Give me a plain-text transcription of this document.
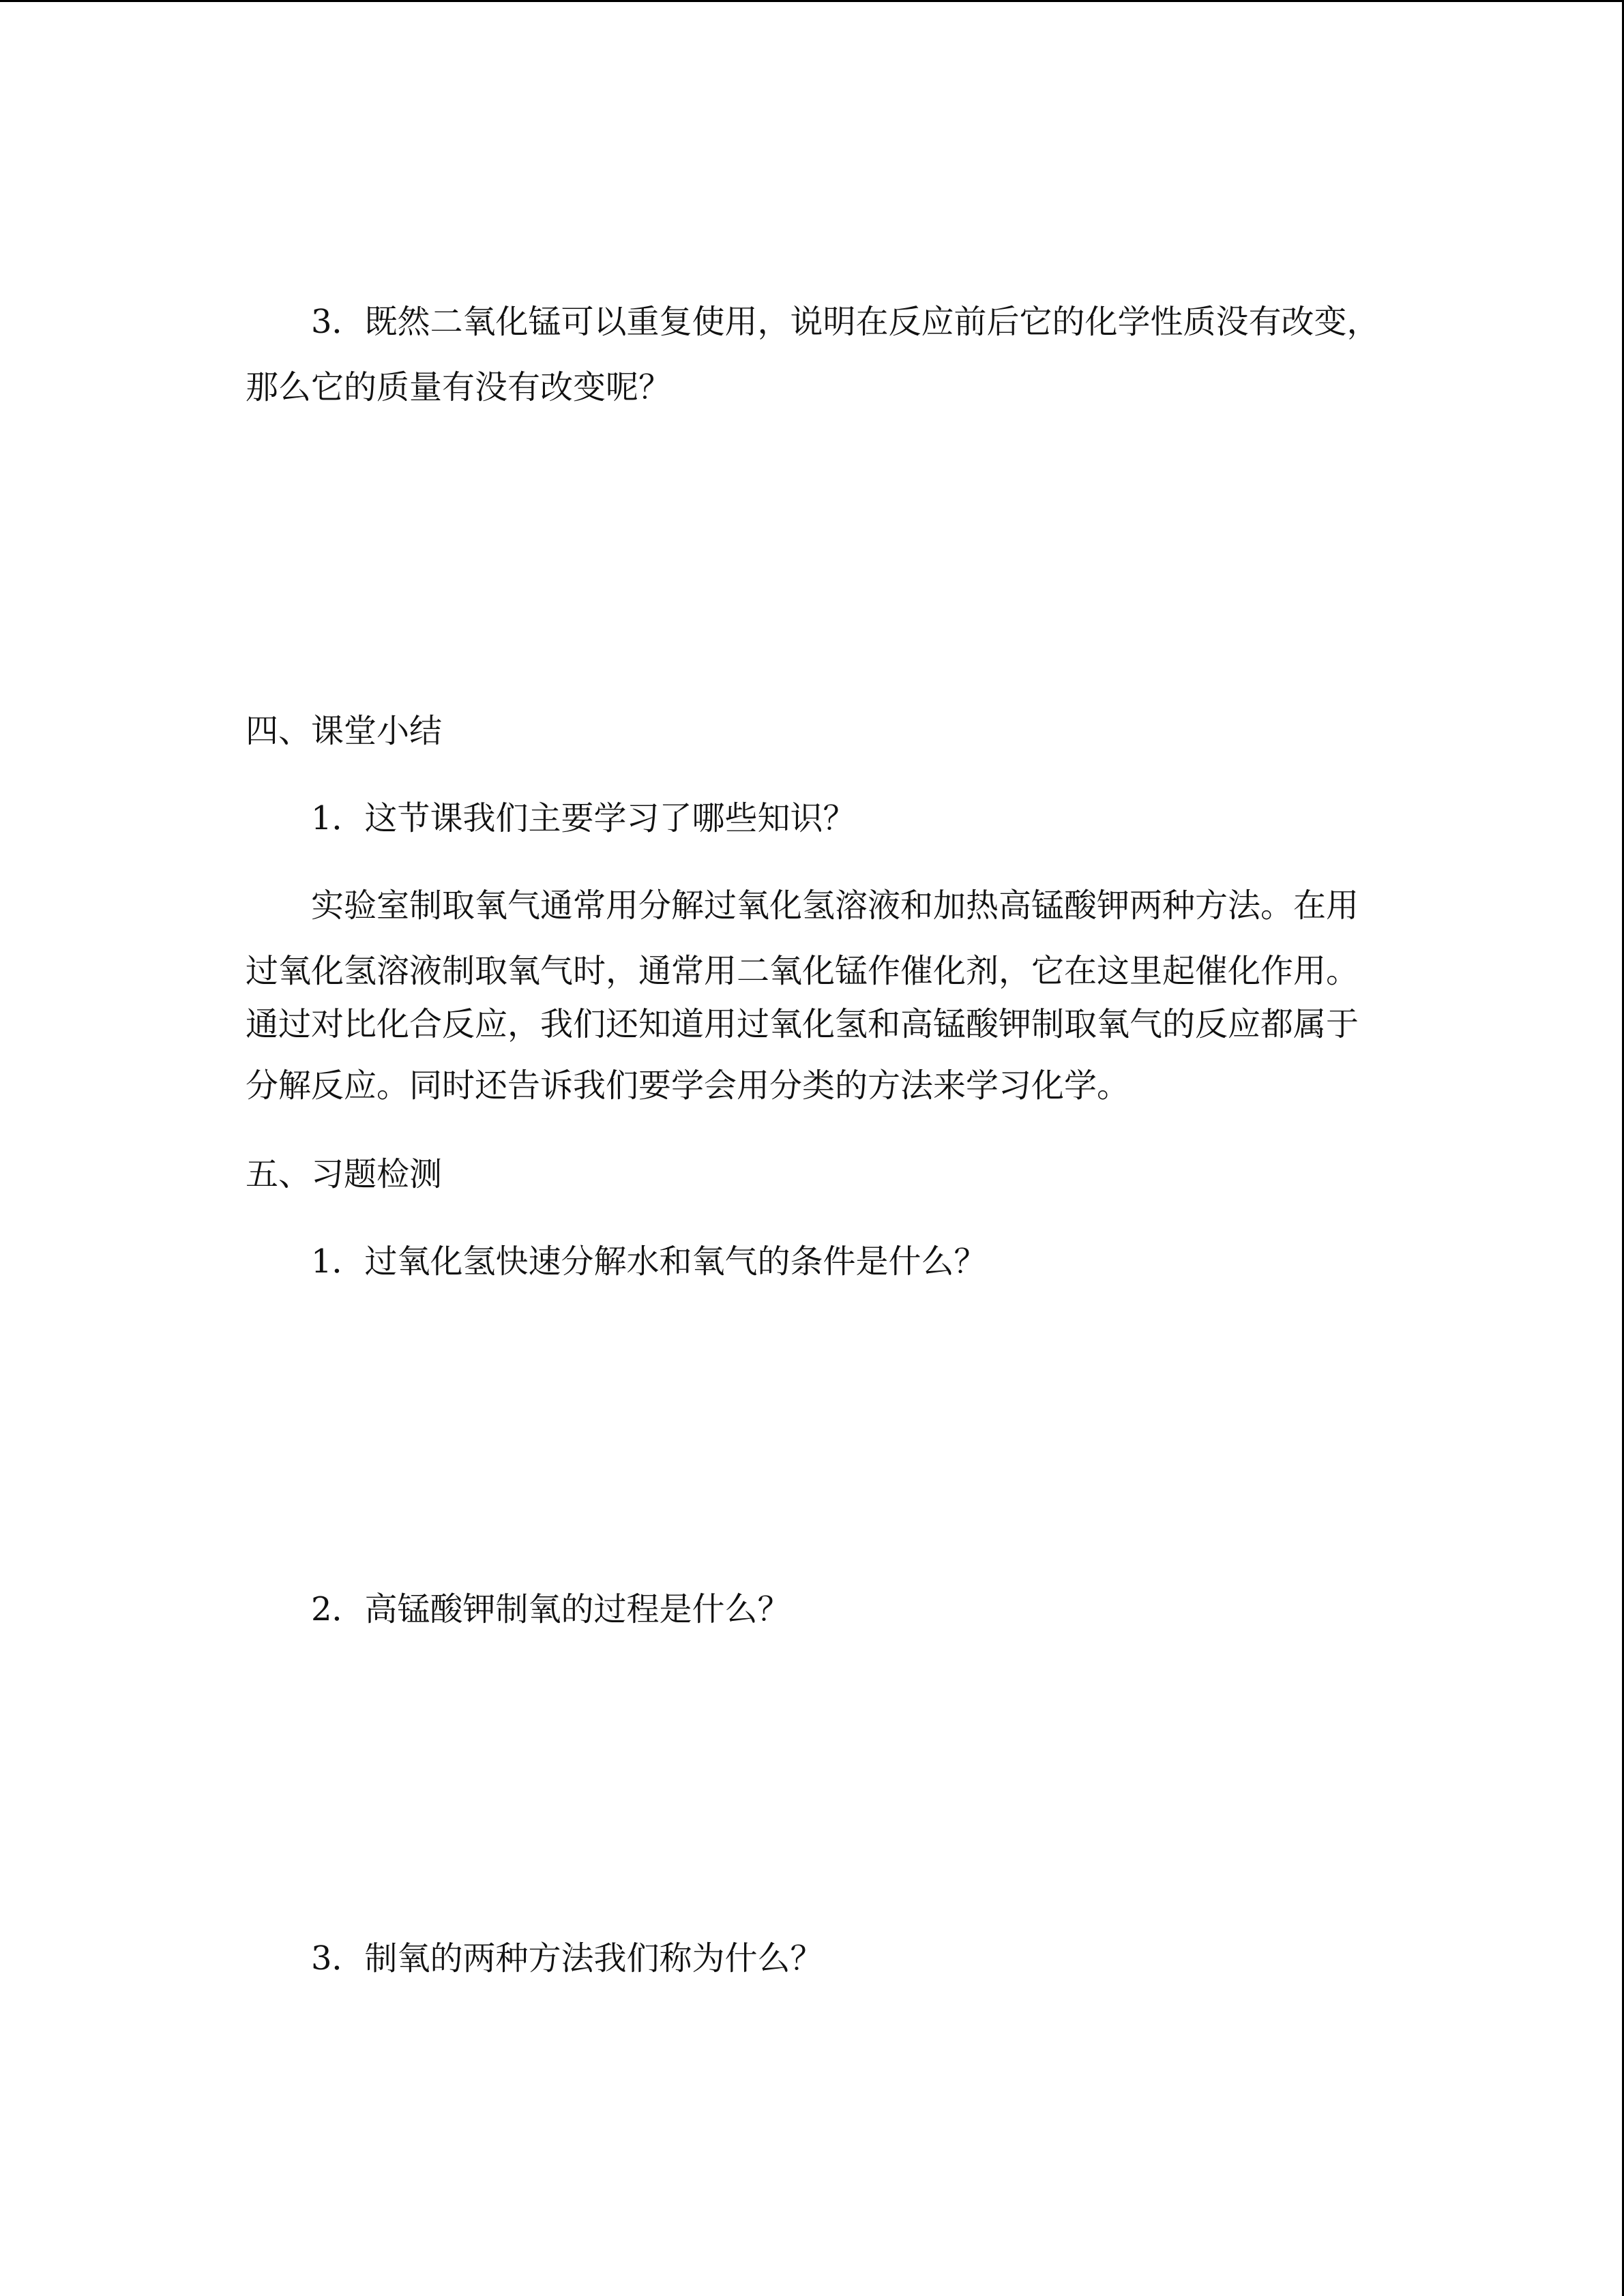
3．既然二氧化锰可以重复使用，说明在反应前后它的化学性质没有改变，
那么它的质量有没有改变呢？
四、课堂小结
1．这节课我们主要学习了哪些知识？
实验室制取氧气通常用分解过氧化氢溶液和加热高锰酸钾两种方法。在用
过氧化氢溶液制取氧气时，通常用二氧化锰作催化剂，它在这里起催化作用。
通过对比化合反应，我们还知道用过氧化氢和高锰酸钾制取氧气的反应都属于
分解反应。同时还告诉我们要学会用分类的方法来学习化学。
五、习题检测
1．过氧化氢快速分解水和氧气的条件是什么？
2．高锰酸钾制氧的过程是什么？
3．制氧的两种方法我们称为什么？
